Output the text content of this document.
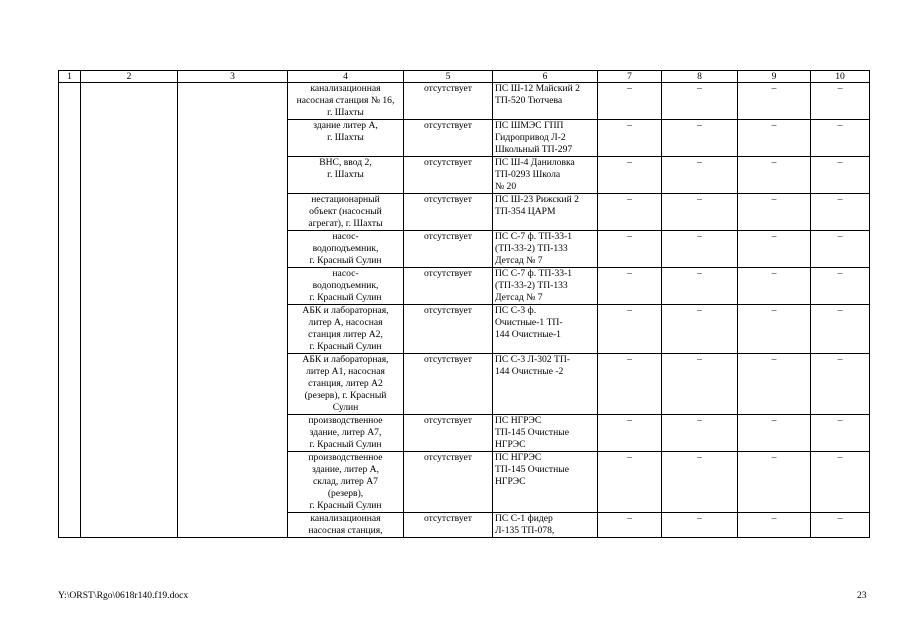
1	2	3	4	5	6	7	8	9	10
			канализационная
насосная станция № 16,
г. Шахты	отсутствует	ПС Ш-12 Майский 2
ТП-520 Тютчева	–	–	–	–
			здание литер А,
г. Шахты	отсутствует	ПС ШМЭС ГПП
Гидропривод Л-2
Школьный ТП-297	–	–	–	–
			ВНС, ввод 2,
г. Шахты	отсутствует	ПС Ш-4 Даниловка
ТП-0293 Школа
№ 20	–	–	–	–
			нестационарный
объект (насосный
агрегат), г. Шахты	отсутствует	ПС Ш-23 Рижский 2
ТП-354 ЦАРМ	–	–	–	–
			насос-
водоподъемник,
г. Красный Сулин	отсутствует	ПС С-7 ф. ТП-33-1
(ТП-33-2) ТП-133
Детсад № 7	–	–	–	–
			насос-
водоподъемник,
г. Красный Сулин	отсутствует	ПС С-7 ф. ТП-33-1
(ТП-33-2) ТП-133
Детсад № 7	–	–	–	–
			АБК и лабораторная,
литер А, насосная
станция литер А2,
г. Красный Сулин	отсутствует	ПС С-3 ф.
Очистные-1 ТП-
144 Очистные-1	–	–	–	–
			АБК и лабораторная,
литер А1, насосная
станция, литер А2
(резерв), г. Красный
Сулин	отсутствует	ПС С-3 Л-302 ТП-
144 Очистные -2	–	–	–	–
			производственное
здание, литер А7,
г. Красный Сулин	отсутствует	ПС НГРЭС
ТП-145 Очистные
НГРЭС	–	–	–	–
			производственное
здание, литер А,
склад, литер А7
(резерв),
г. Красный Сулин	отсутствует	ПС НГРЭС
ТП-145 Очистные
НГРЭС	–	–	–	–
			канализационная
насосная станция,	отсутствует	ПС С-1 фидер
Л-135 ТП-078,	–	–	–	–
Y:\ORST\Rgo\0618r140.f19.docx	23
